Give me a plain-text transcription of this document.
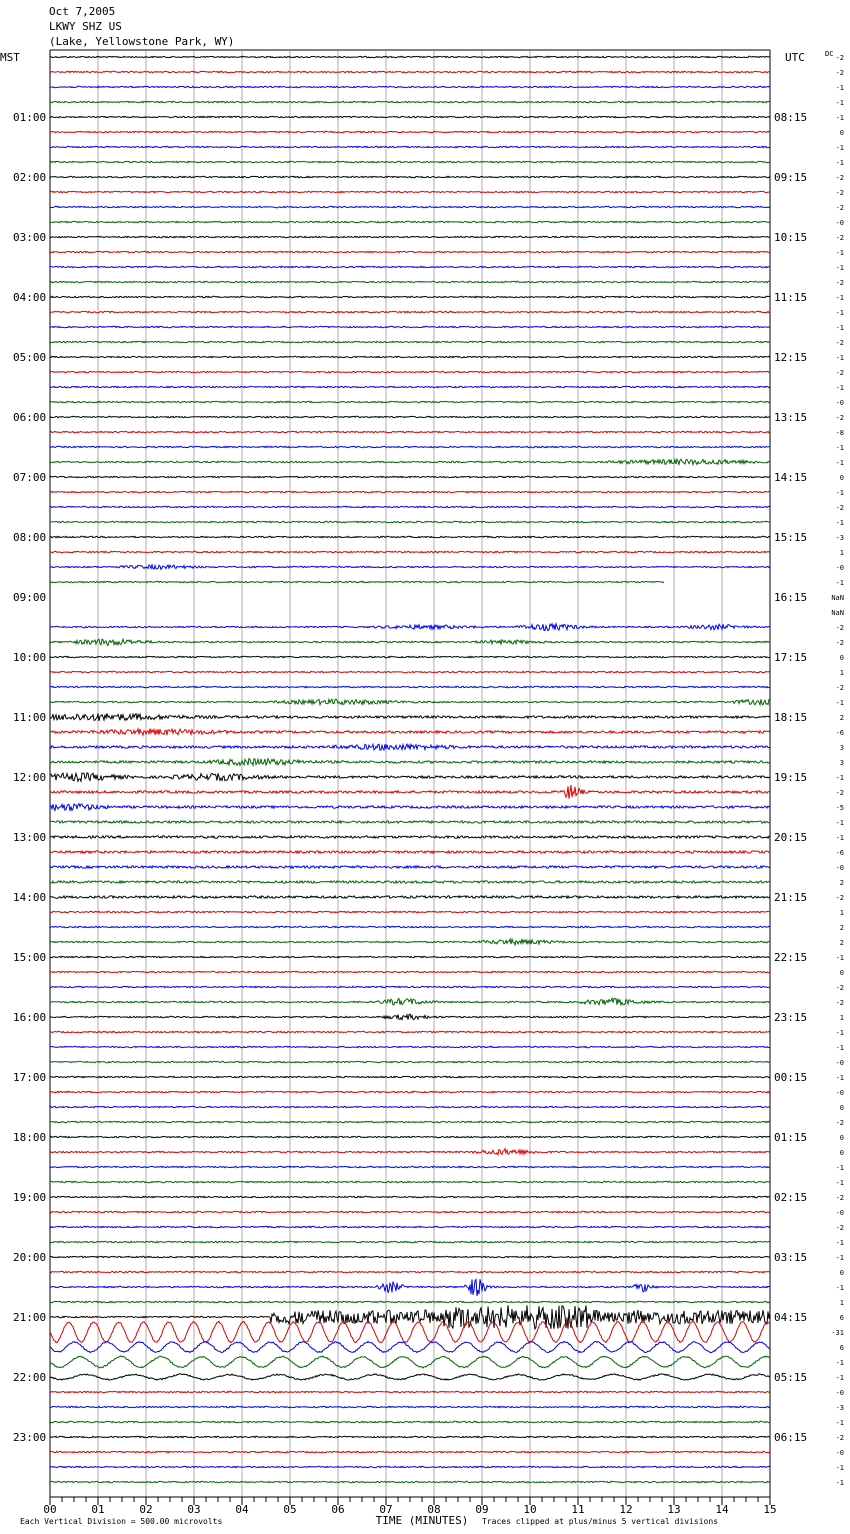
Oct 7,2005
LKWY SHZ US
(Lake, Yellowstone Park, WY)
MST	UTC	DC
01:00
02:00
03:00
04:00
05:00
06:00
07:00
08:00
09:00
10:00
11:00
12:00
13:00
14:00
15:00
16:00
17:00
18:00
19:00
20:00
21:00
22:00
23:00
08:15
09:15
10:15
11:15
12:15
13:15
14:15
15:15
16:15
17:15
18:15
19:15
20:15
21:15
22:15
23:15
00:15
01:15
02:15
03:15
04:15
05:15
06:15
-2
-2
-1
-1
-1
0
-1
-1
-2
-2
-2
-0
-2
-1
-1
-2
-1
-1
-1
-2
-1
-2
-1
-0
-2
-8
-1
-1
0
-1
-2
-1
-3
1
-0
-1
NaN
NaN
-2
-2
0
1
-2
-1
2
-6
3
3
-1
-2
-5
-1
-1
-6
-0
2
-2
1
2
2
-1
0
-2
-2
1
-1
-1
-0
-1
-0
0
-2
0
0
-1
-1
-2
-0
-2
-1
-1
0
-1
1
6
-31
6
-1
-1
-0
-3
-1
-2
-0
-1
-1
00	01	02	03	04	05	06	07	08	09	10	11	12	13	14	15
Each Vertical Division = 500.00 microvolts	TIME (MINUTES) Traces clipped at plus/minus 5 vertical divisions
